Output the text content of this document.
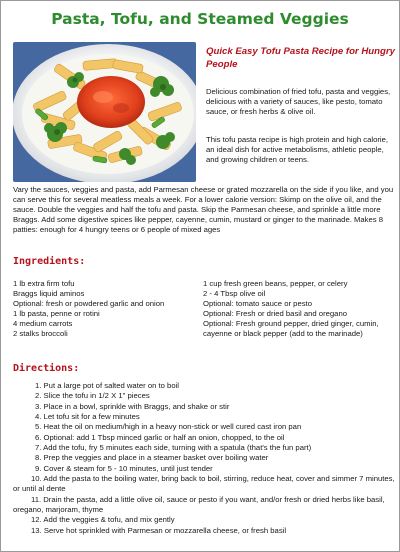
Pasta, Tofu, and Steamed Veggies
Quick Easy Tofu Pasta Recipe for Hungry People

Delicious combination of fried tofu, pasta and veggies, delicious with a variety of sauces, like pesto, tomato sauce, or fresh herbs & olive oil.

This tofu pasta recipe is high protein and high calorie, an ideal dish for active metabolisms, athletic people, and growing children or teens.

Vary the sauces, veggies and pasta, add Parmesan cheese or grated mozzarella on the side if you like, and you can serve this for several meatless meals a week. For a lower calorie version: Skimp on the olive oil, and the sauce. Double the veggies and half the tofu and pasta. Skip the Parmesan cheese, and sprinkle a little more Braggs. Add some digestive spices like pepper, cayenne, cumin, mustard or ginger to the marinade. Makes 8 patties: enough for 4 hungry teens or 6 people of mixed ages

Ingredients:
1 lb extra firm tofu
Braggs liquid aminos
Optional: fresh or powdered garlic and onion
1 lb pasta, penne or rotini
4 medium carrots
2 stalks broccoli
1 cup fresh green beans, pepper, or celery
2 - 4 Tbsp olive oil
Optional: tomato sauce or pesto
Optional: Fresh or dried basil and oregano
Optional: Fresh ground pepper, dried ginger, cumin, cayenne or black pepper (add to the marinade)
Directions:
1. Put a large pot of salted water on to boil
2. Slice the tofu in 1/2 X 1" pieces
3. Place in a bowl, sprinkle with Braggs, and shake or stir
4. Let tofu sit for a few minutes
5. Heat the oil on medium/high in a heavy non-stick or well cured cast iron pan
6. Optional: add 1 Tbsp minced garlic or half an onion, chopped, to the oil
7. Add the tofu, fry 5 minutes each side, turning with a spatula (that's the fun part)
8. Prep the veggies and place in a steamer basket over boiling water
9. Cover & steam for 5 - 10 minutes, until just tender
10. Add the pasta to the boiling water, bring back to boil, stirring, reduce heat, cover and simmer 7 minutes, or until al dente
11. Drain the pasta, add a little olive oil, sauce or pesto if you want, and/or fresh or dried herbs like basil, oregano, marjoram, thyme
12. Add the veggies & tofu, and mix gently
13. Serve hot sprinkled with Parmesan or mozzarella cheese, or fresh basil
